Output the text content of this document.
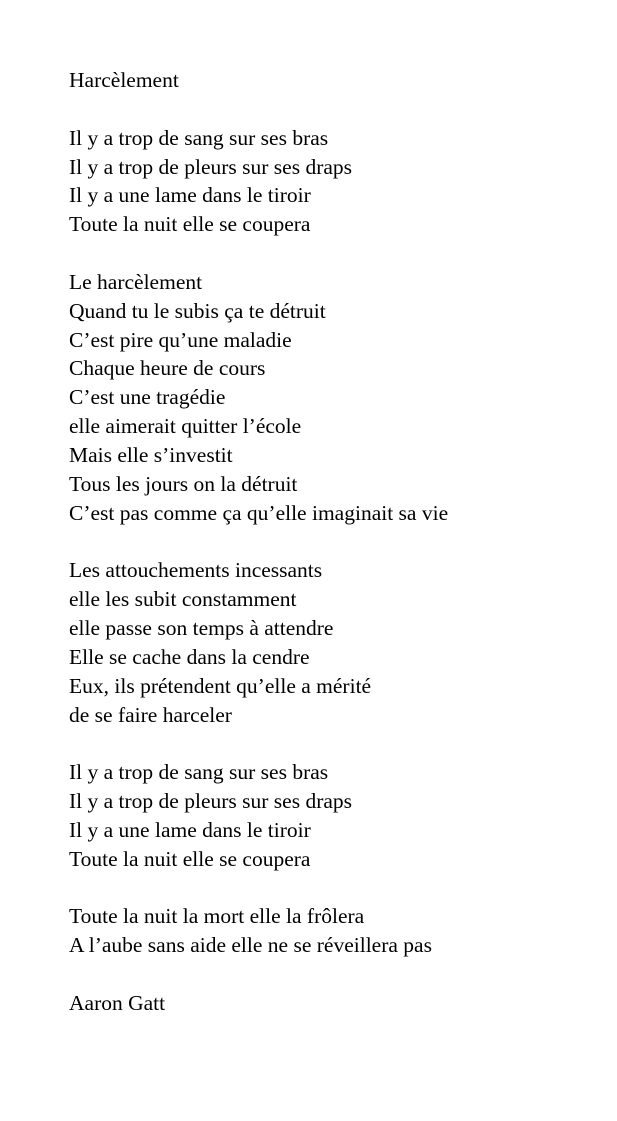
Harcèlement
Il y a trop de sang sur ses bras
Il y a trop de pleurs sur ses draps
Il y a une lame dans le tiroir
Toute la nuit elle se coupera
Le harcèlement
Quand tu le subis ça te détruit
C’est pire qu’une maladie
Chaque heure de cours
C’est une tragédie
elle aimerait quitter l’école
Mais elle s’investit
Tous les jours on la détruit
C’est pas comme ça qu’elle imaginait sa vie
Les attouchements incessants
elle les subit constamment
elle passe son temps à attendre
Elle se cache dans la cendre
Eux, ils prétendent qu’elle a mérité
de se faire harceler
Il y a trop de sang sur ses bras
Il y a trop de pleurs sur ses draps
Il y a une lame dans le tiroir
Toute la nuit elle se coupera
Toute la nuit la mort elle la frôlera
A l’aube sans aide elle ne se réveillera pas
Aaron Gatt
